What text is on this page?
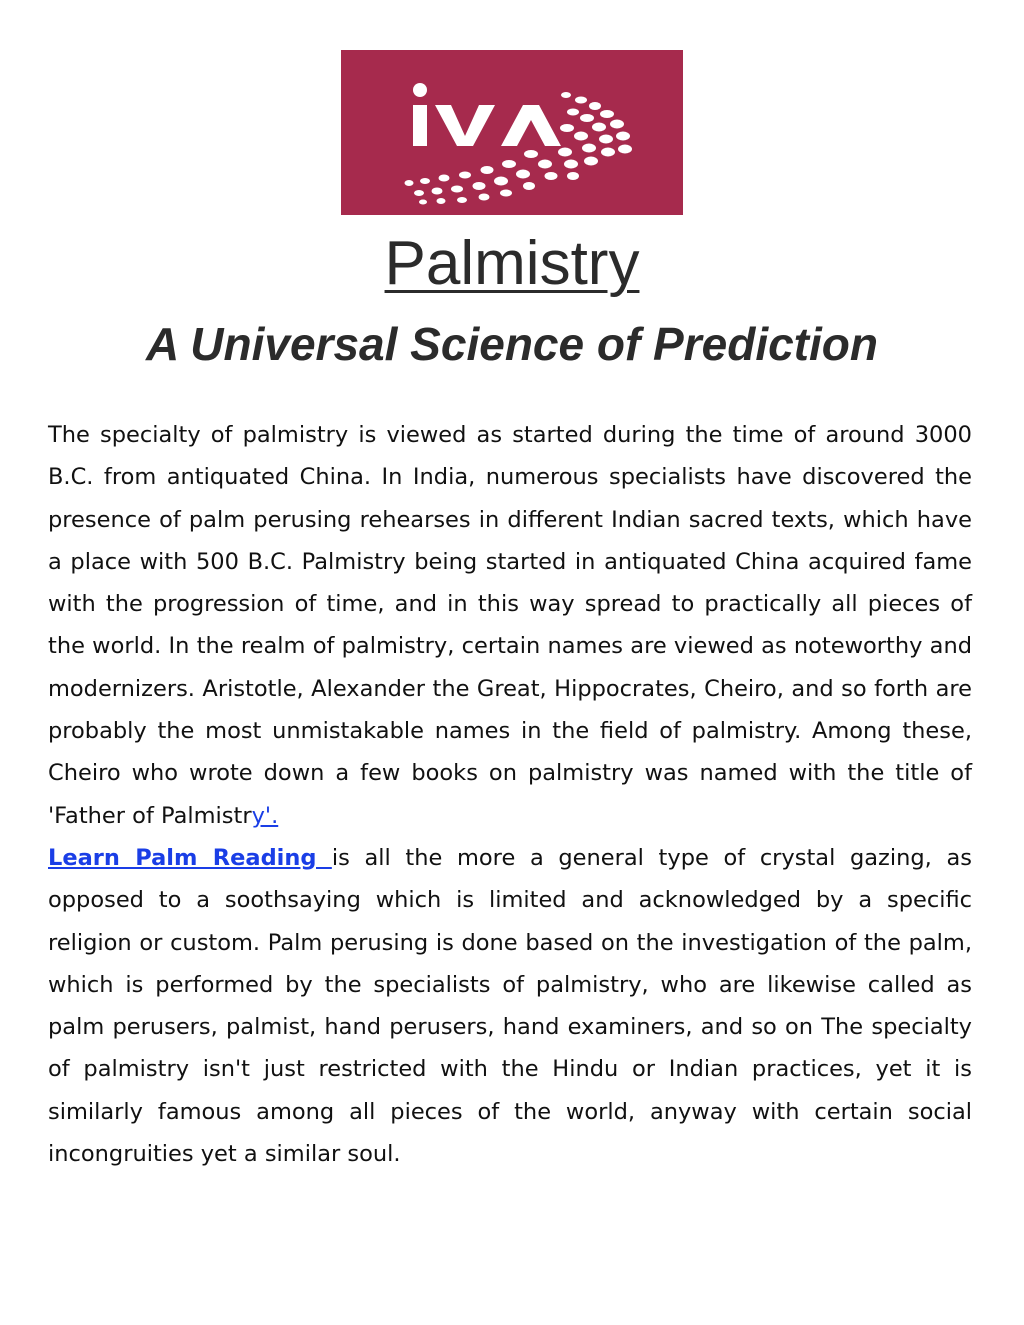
Palmistry
A Universal Science of Prediction

The specialty of palmistry is viewed as started during the time of around 3000 B.C. from antiquated China. In India, numerous specialists have discovered the presence of palm perusing rehearses in different Indian sacred texts, which have a place with 500 B.C. Palmistry being started in antiquated China acquired fame with the progression of time, and in this way spread to practically all pieces of the world. In the realm of palmistry, certain names are viewed as noteworthy and modernizers. Aristotle, Alexander the Great, Hippocrates, Cheiro, and so forth are probably the most unmistakable names in the field of palmistry. Among these, Cheiro who wrote down a few books on palmistry was named with the title of 'Father of Palmistry'.

Learn Palm Reading is all the more a general type of crystal gazing, as opposed to a soothsaying which is limited and acknowledged by a specific religion or custom. Palm perusing is done based on the investigation of the palm, which is performed by the specialists of palmistry, who are likewise called as palm perusers, palmist, hand perusers, hand examiners, and so on The specialty of palmistry isn't just restricted with the Hindu or Indian practices, yet it is similarly famous among all pieces of the world, anyway with certain social incongruities yet a similar soul.
